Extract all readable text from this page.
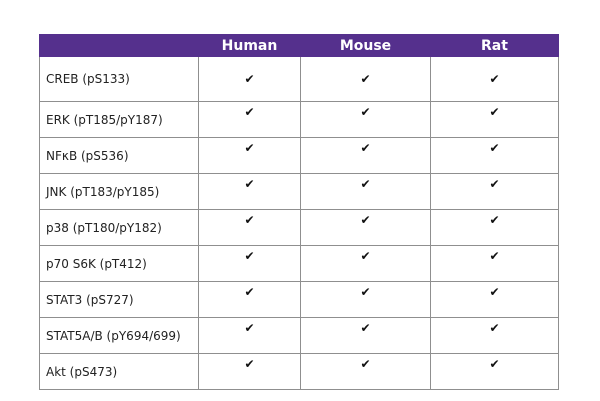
	Human	Mouse	Rat
CREB (pS133)	✔	✔	✔
ERK (pT185/pY187)	✔	✔	✔
NFκB (pS536)	✔	✔	✔
JNK (pT183/pY185)	✔	✔	✔
p38 (pT180/pY182)	✔	✔	✔
p70 S6K (pT412)	✔	✔	✔
STAT3 (pS727)	✔	✔	✔
STAT5A/B (pY694/699)	✔	✔	✔
Akt (pS473)	✔	✔	✔
